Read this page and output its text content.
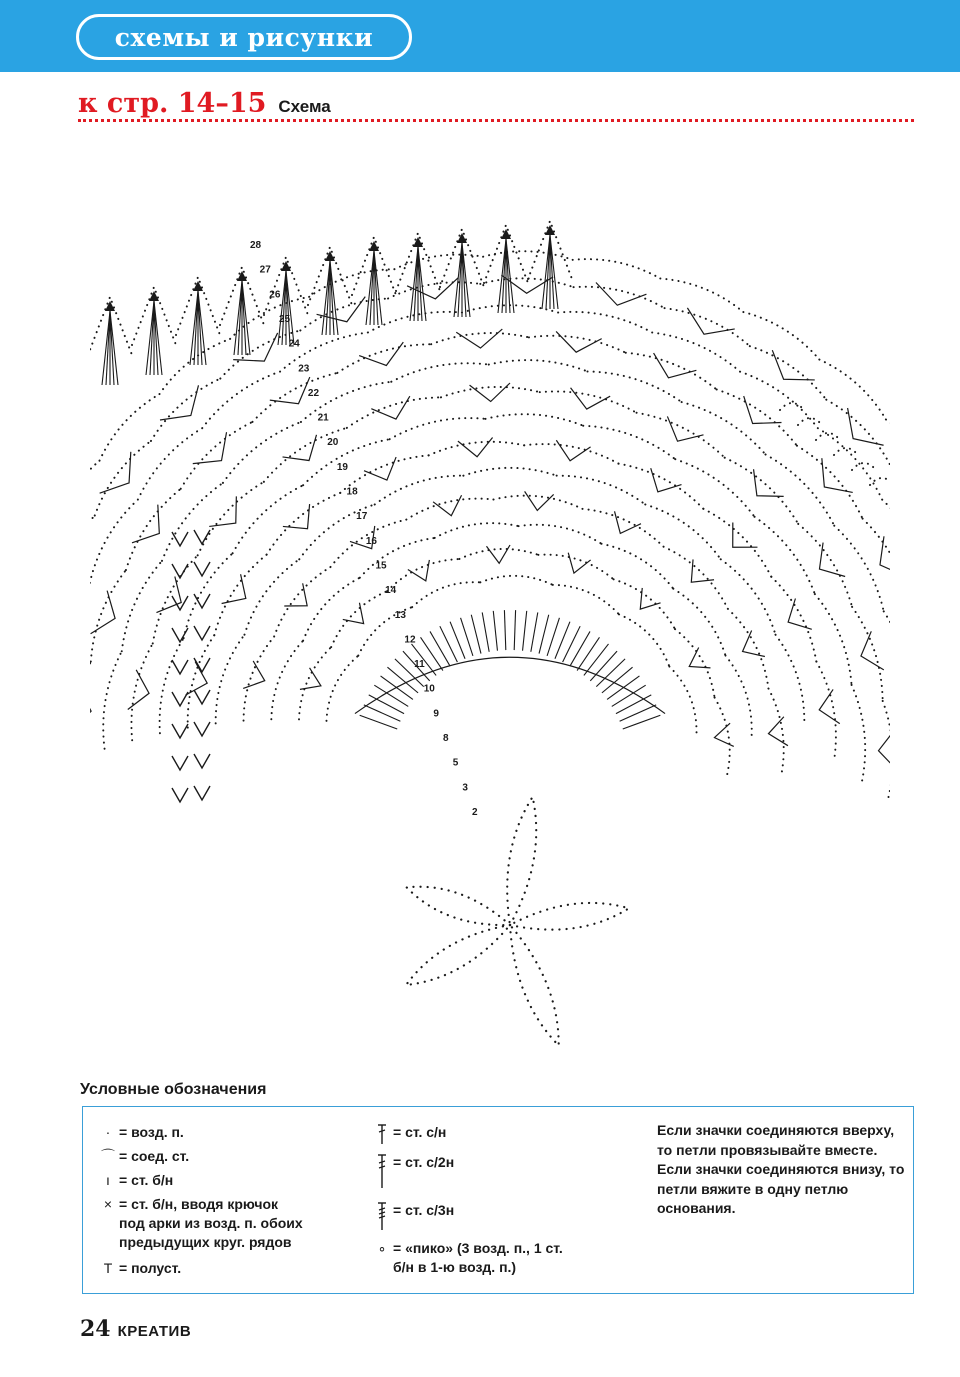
схемы и рисунки
к стр. 14–15 Схема
2
3
5
8
9
10
11
12
13
14
15
16
17
18
19
20
21
22
23
24
25
26
27
28
Условные обозначения
· = возд. п.
⌒ = соед. ст.
ı = ст. б/н
× = ст. б/н, вводя крючок
под арки из возд. п. обоих
предыдущих круг. рядов
T = полуст.
= ст. с/н
= ст. с/2н
= ст. с/3н
∘ = «пико» (3 возд. п., 1 ст.
б/н в 1-ю возд. п.)
Если значки соединяются вверху, то петли провязывайте вместе. Если значки соединяются внизу, то петли вяжите в одну петлю основания.
24 КРЕАТИВ
